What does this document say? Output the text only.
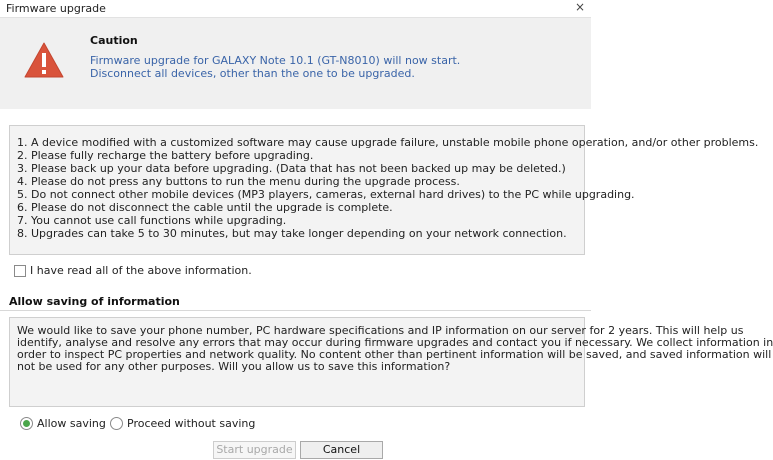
Firmware upgrade	×
Caution
Firmware upgrade for GALAXY Note 10.1 (GT-N8010) will now start.
Disconnect all devices, other than the one to be upgraded.
1. A device modified with a customized software may cause upgrade failure, unstable mobile phone operation, and/or other problems.
2. Please fully recharge the battery before upgrading.
3. Please back up your data before upgrading. (Data that has not been backed up may be deleted.)
4. Please do not press any buttons to run the menu during the upgrade process.
5. Do not connect other mobile devices (MP3 players, cameras, external hard drives) to the PC while upgrading.
6. Please do not disconnect the cable until the upgrade is complete.
7. You cannot use call functions while upgrading.
8. Upgrades can take 5 to 30 minutes, but may take longer depending on your network connection.
I have read all of the above information.
Allow saving of information
We would like to save your phone number, PC hardware specifications and IP information on our server for 2 years. This will help us
identify, analyse and resolve any errors that may occur during firmware upgrades and contact you if necessary. We collect information in
order to inspect PC properties and network quality. No content other than pertinent information will be saved, and saved information will
not be used for any other purposes. Will you allow us to save this information?
Allow saving Proceed without saving
Start upgrade	Cancel
